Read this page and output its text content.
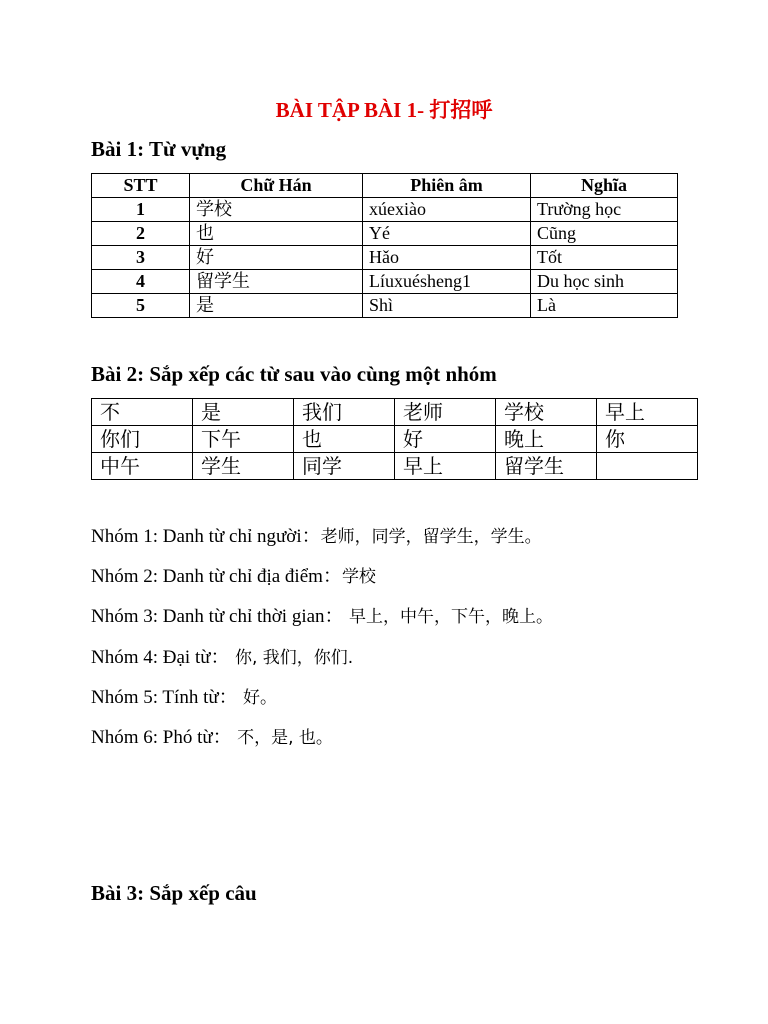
BÀI TẬP BÀI 1- 打招呼
Bài 1: Từ vựng
STT	Chữ Hán	Phiên âm	Nghĩa
1	学校	xúexiào	Trường học
2	也	Yé	Cũng
3	好	Hǎo	Tốt
4	留学生	Líuxuésheng1	Du học sinh
5	是	Shì	Là
Bài 2: Sắp xếp các từ sau vào cùng một nhóm
不	是	我们	老师	学校	早上
你们	下午	也	好	晚上	你
中午	学生	同学	早上	留学生	
Nhóm 1: Danh từ chỉ người：老师，同学，留学生，学生。
Nhóm 2: Danh từ chỉ địa điểm：学校
Nhóm 3: Danh từ chỉ thời gian： 早上，中午，下午，晚上。
Nhóm 4: Đại từ： 你, 我们，你们.
Nhóm 5: Tính từ： 好。
Nhóm 6: Phó từ： 不，是, 也。
Bài 3: Sắp xếp câu
